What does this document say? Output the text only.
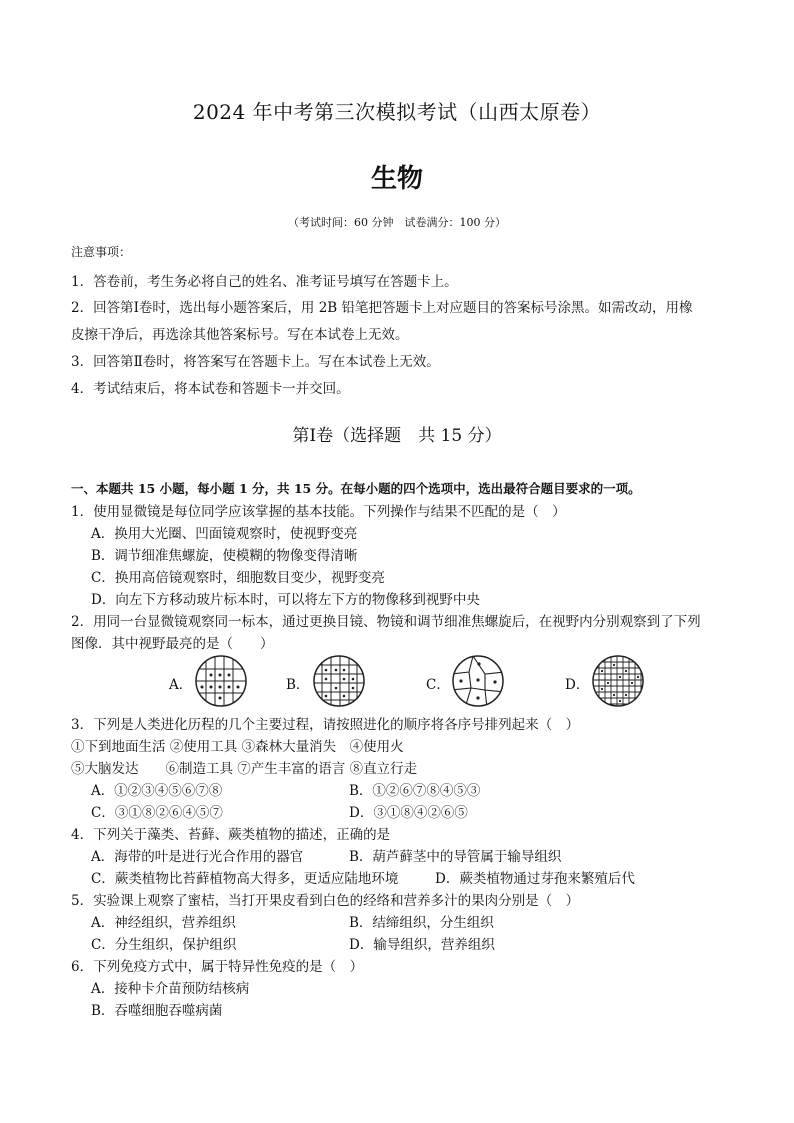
2024 年中考第三次模拟考试（山西太原卷）
生物
（考试时间：60 分钟　试卷满分：100 分）
注意事项：
1．答卷前，考生务必将自己的姓名、准考证号填写在答题卡上。
2．回答第Ⅰ卷时，选出每小题答案后，用 2B 铅笔把答题卡上对应题目的答案标号涂黑。如需改动，用橡
皮擦干净后，再选涂其他答案标号。写在本试卷上无效。
3．回答第Ⅱ卷时，将答案写在答题卡上。写在本试卷上无效。
4．考试结束后，将本试卷和答题卡一并交回。
第Ⅰ卷（选择题　共 15 分）
一、本题共 15 小题，每小题 1 分，共 15 分。在每小题的四个选项中，选出最符合题目要求的一项。
1．使用显微镜是每位同学应该掌握的基本技能。下列操作与结果不匹配的是（　）
A．换用大光圈、凹面镜观察时，使视野变亮
B．调节细准焦螺旋，使模糊的物像变得清晰
C．换用高倍镜观察时，细胞数目变少，视野变亮
D．向左下方移动玻片标本时，可以将左下方的物像移到视野中央
2．用同一台显微镜观察同一标本，通过更换目镜、物镜和调节细准焦螺旋后，在视野内分别观察到了下列
图像．其中视野最亮的是（　　）
A．	B．	C．	D．
3．下列是人类进化历程的几个主要过程，请按照进化的顺序将各序号排列起来（　）
①下到地面生活 ②使用工具 ③森林大量消失　④使用火
⑤大脑发达　　⑥制造工具 ⑦产生丰富的语言 ⑧直立行走
A．①②③④⑤⑥⑦⑧	B．①②⑥⑦⑧④⑤③
C．③①⑧②⑥④⑤⑦	D．③①⑧④②⑥⑤
4．下列关于藻类、苔藓、蕨类植物的描述，正确的是
A．海带的叶是进行光合作用的器官	B．葫芦藓茎中的导管属于输导组织
C．蕨类植物比苔藓植物高大得多，更适应陆地环境	D．蕨类植物通过芽孢来繁殖后代
5．实验课上观察了蜜桔，当打开果皮看到白色的经络和营养多汁的果肉分别是（　）
A．神经组织，营养组织	B．结缔组织，分生组织
C．分生组织，保护组织	D．输导组织，营养组织
6．下列免疫方式中，属于特异性免疫的是（　）
A．接种卡介苗预防结核病
B．吞噬细胞吞噬病菌
